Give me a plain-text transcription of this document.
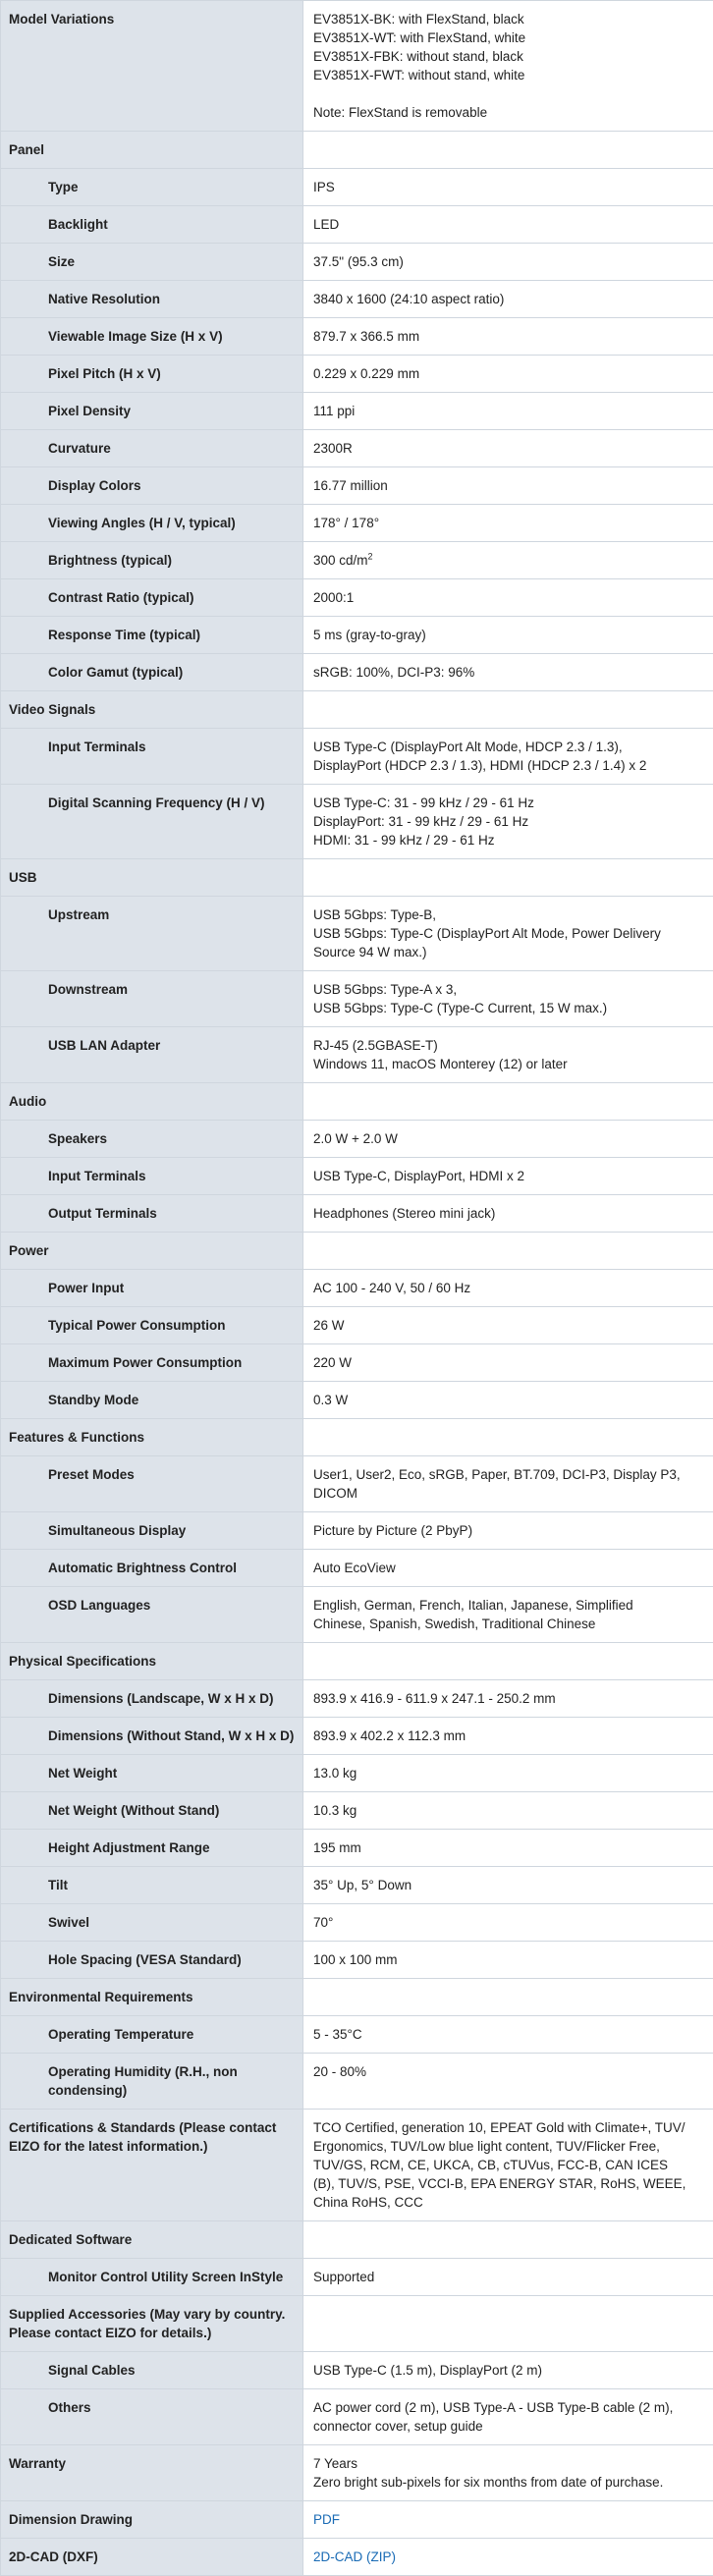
Model Variations	EV3851X-BK: with FlexStand, black
EV3851X-WT: with FlexStand, white
EV3851X-FBK: without stand, black
EV3851X-FWT: without stand, white
Note: FlexStand is removable

Panel	
Type	IPS

Backlight	LED

Size	37.5" (95.3 cm)

Native Resolution	3840 x 1600 (24:10 aspect ratio)

Viewable Image Size (H x V)	879.7 x 366.5 mm

Pixel Pitch (H x V)	0.229 x 0.229 mm

Pixel Density	111 ppi

Curvature	2300R

Display Colors	16.77 million

Viewing Angles (H / V, typical)	178° / 178°

Brightness (typical)	300 $cd/m^2$
Contrast Ratio (typical)	2000:1

Response Time (typical)	5 ms (gray-to-gray)

Color Gamut (typical)	sRGB: 100%, DCI-P3: 96%

Video Signals	
Input Terminals	USB Type-C (DisplayPort Alt Mode, HDCP 2.3 / 1.3),
DisplayPort (HDCP 2.3 / 1.3), HDMI (HDCP 2.3 / 1.4) x 2

Digital Scanning Frequency (H / V)	USB Type-C: 31 - 99 kHz / 29 - 61 Hz
DisplayPort: 31 - 99 kHz / 29 - 61 Hz
HDMI: 31 - 99 kHz / 29 - 61 Hz

USB	
Upstream	USB 5Gbps: Type-B,
USB 5Gbps: Type-C (DisplayPort Alt Mode, Power Delivery
Source 94 W max.)

Downstream	USB 5Gbps: Type-A x 3,
USB 5Gbps: Type-C (Type-C Current, 15 W max.)

USB LAN Adapter	RJ-45 (2.5GBASE-T)
Windows 11, macOS Monterey (12) or later

Audio	
Speakers	2.0 W + 2.0 W

Input Terminals	USB Type-C, DisplayPort, HDMI x 2

Output Terminals	Headphones (Stereo mini jack)

Power	
Power Input	AC 100 - 240 V, 50 / 60 Hz

Typical Power Consumption	26 W

Maximum Power Consumption	220 W

Standby Mode	0.3 W

Features & Functions	
Preset Modes	User1, User2, Eco, sRGB, Paper, BT.709, DCI-P3, Display P3,
DICOM

Simultaneous Display	Picture by Picture (2 PbyP)

Automatic Brightness Control	Auto EcoView

OSD Languages	English, German, French, Italian, Japanese, Simplified
Chinese, Spanish, Swedish, Traditional Chinese

Physical Specifications	
Dimensions (Landscape, W x H x D)	893.9 x 416.9 - 611.9 x 247.1 - 250.2 mm

Dimensions (Without Stand, W x H x D)	893.9 x 402.2 x 112.3 mm

Net Weight	13.0 kg

Net Weight (Without Stand)	10.3 kg

Height Adjustment Range	195 mm

Tilt	35° Up, 5° Down

Swivel	70°

Hole Spacing (VESA Standard)	100 x 100 mm

Environmental Requirements	
Operating Temperature	5 - 35°C

Operating Humidity (R.H., non condensing)	20 - 80%

Certifications & Standards (Please contact EIZO for the latest information.)	TCO Certified, generation 10, EPEAT Gold with Climate+, TUV/
Ergonomics, TUV/Low blue light content, TUV/Flicker Free,
TUV/GS, RCM, CE, UKCA, CB, cTUVus, FCC-B, CAN ICES
(B), TUV/S, PSE, VCCI-B, EPA ENERGY STAR, RoHS, WEEE,
China RoHS, CCC

Dedicated Software	
Monitor Control Utility Screen InStyle	Supported

Supplied Accessories (May vary by country. Please contact EIZO for details.)	
Signal Cables	USB Type-C (1.5 m), DisplayPort (2 m)

Others	AC power cord (2 m), USB Type-A - USB Type-B cable (2 m),
connector cover, setup guide

Warranty	7 Years
Zero bright sub-pixels for six months from date of purchase.

Dimension Drawing	PDF

2D-CAD (DXF)	2D-CAD (ZIP)
